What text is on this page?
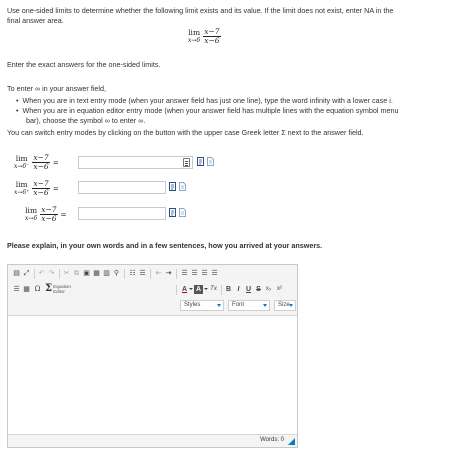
Use one-sided limits to determine whether the following limit exists and its value. If the limit does not exist, enter NA in the
final answer area.
lim
$x\to 6 \frac{x-7}{x-6}$
Enter the exact answers for the one-sided limits.
To enter ∞ in your answer field,
•  When you are in text entry mode (when your answer field has just one line), type the word infinity with a lower case i.
•  When you are in equation editor entry mode (when your answer field has multiple lines with the equation symbol menu
bar), choose the symbol ∞ to enter ∞.
You can switch entry modes by clicking on the button with the upper case Greek letter Σ next to the answer field.
lim
$x\to 6^- \frac{x-7}{x-6}$ =
lim
$x\to 6^+ \frac{x-7}{x-6}$ =
lim
$x\to 6 \frac{x-7}{x-6}$ =
Please explain, in your own words and in a few sentences, how you arrived at your answers.
▤ ⤢ ↶ ↷ ✂ ⧉ ▣ ▦ ▥ ⚲ ☷ ☰ ⇤ ⇥ ☰ ☰ ☰ ☰
☰ ▦ Ω Σ Equation
Editor	A A	Tx B I U S x₂ x²
Styles	Font	Size
Words: 0
